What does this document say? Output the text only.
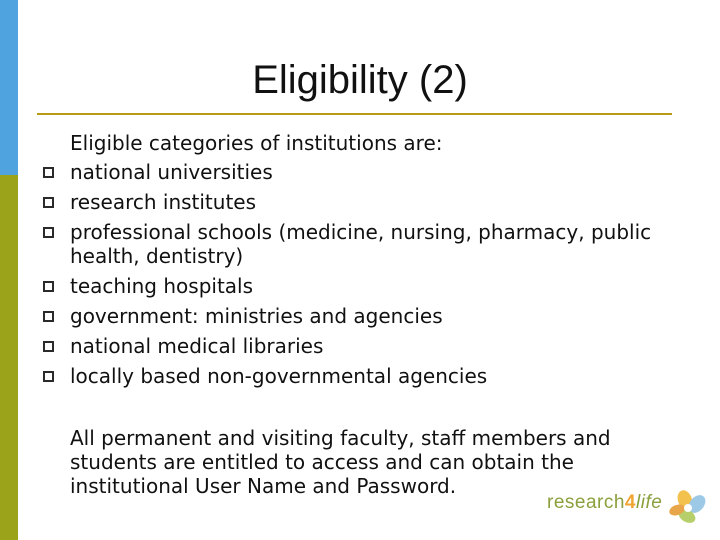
Eligibility (2)

Eligible categories of institutions are:

national universities
research institutes
professional schools (medicine, nursing, pharmacy, public health, dentistry)
teaching hospitals
government: ministries and agencies
national medical libraries
locally based non-governmental agencies

All permanent and visiting faculty, staff members and students are entitled to access and can obtain the institutional User Name and Password.

research4life
